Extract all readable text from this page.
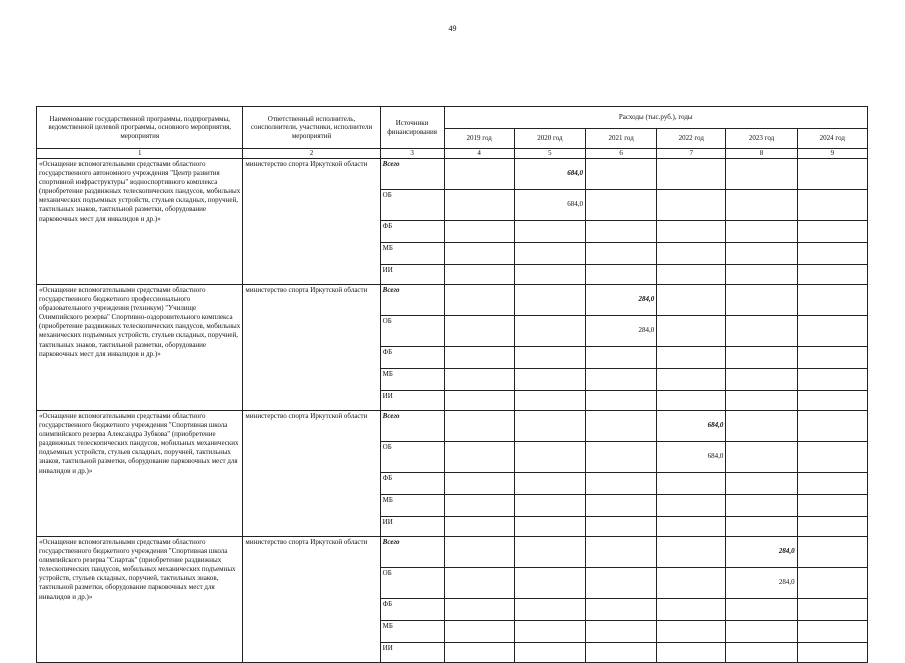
49
Наименование государственной программы, подпрограммы, ведомственной целевой программы, основного мероприятия, мероприятия	Ответственный исполнитель, соисполнители, участники, исполнители мероприятий	Источники финансирования	Расходы (тыс.руб.), годы					
			2019 год	2020 год	2021 год	2022 год	2023 год	2024 год
1	2	3	4	5	6	7	8	9
«Оснащение вспомогательными средствами областного государственного автономного учреждения "Центр развития спортивной инфраструктуры" водноспортивного комплекса (приобретение раздвижных телескопических пандусов, мобильных механических подъемных устройств, стульев складных, поручней, тактильных знаков, тактильной разметки, оборудование парковочных мест для инвалидов и др.)»	министерство спорта Иркутской области	Всего		684,0				
		ОБ		684,0				
		ФБ						
		МБ						
		ИИ						
«Оснащение вспомогательными средствами областного государственного бюджетного профессионального образовательного учреждения (техникум) "Училище Олимпийского резерва" Спортивно-оздоровительного комплекса (приобретение раздвижных телескопических пандусов, мобильных механических подъемных устройств, стульев складных, поручней, тактильных знаков, тактильной разметки, оборудование парковочных мест для инвалидов и др.)»	министерство спорта Иркутской области	Всего			284,0			
		ОБ			284,0			
		ФБ						
		МБ						
		ИИ						
«Оснащение вспомогательными средствами областного государственного бюджетного учреждения "Спортивная школа олимпийского резерва Александра Зубкова" (приобретение раздвижных телескопических пандусов, мобильных механических подъемных устройств, стульев складных, поручней, тактильных знаков, тактильной разметки, оборудование парковочных мест для инвалидов и др.)»	министерство спорта Иркутской области	Всего				684,0		
		ОБ				684,0		
		ФБ						
		МБ						
		ИИ						
«Оснащение вспомогательными средствами областного государственного бюджетного учреждения "Спортивная школа олимпийского резерва "Спартак" (приобретение раздвижных телескопических пандусов, мобильных механических подъемных устройств, стульев складных, поручней, тактильных знаков, тактильной разметки, оборудование парковочных мест для инвалидов и др.)»	министерство спорта Иркутской области	Всего					284,0	
		ОБ					284,0	
		ФБ						
		МБ						
		ИИ						
